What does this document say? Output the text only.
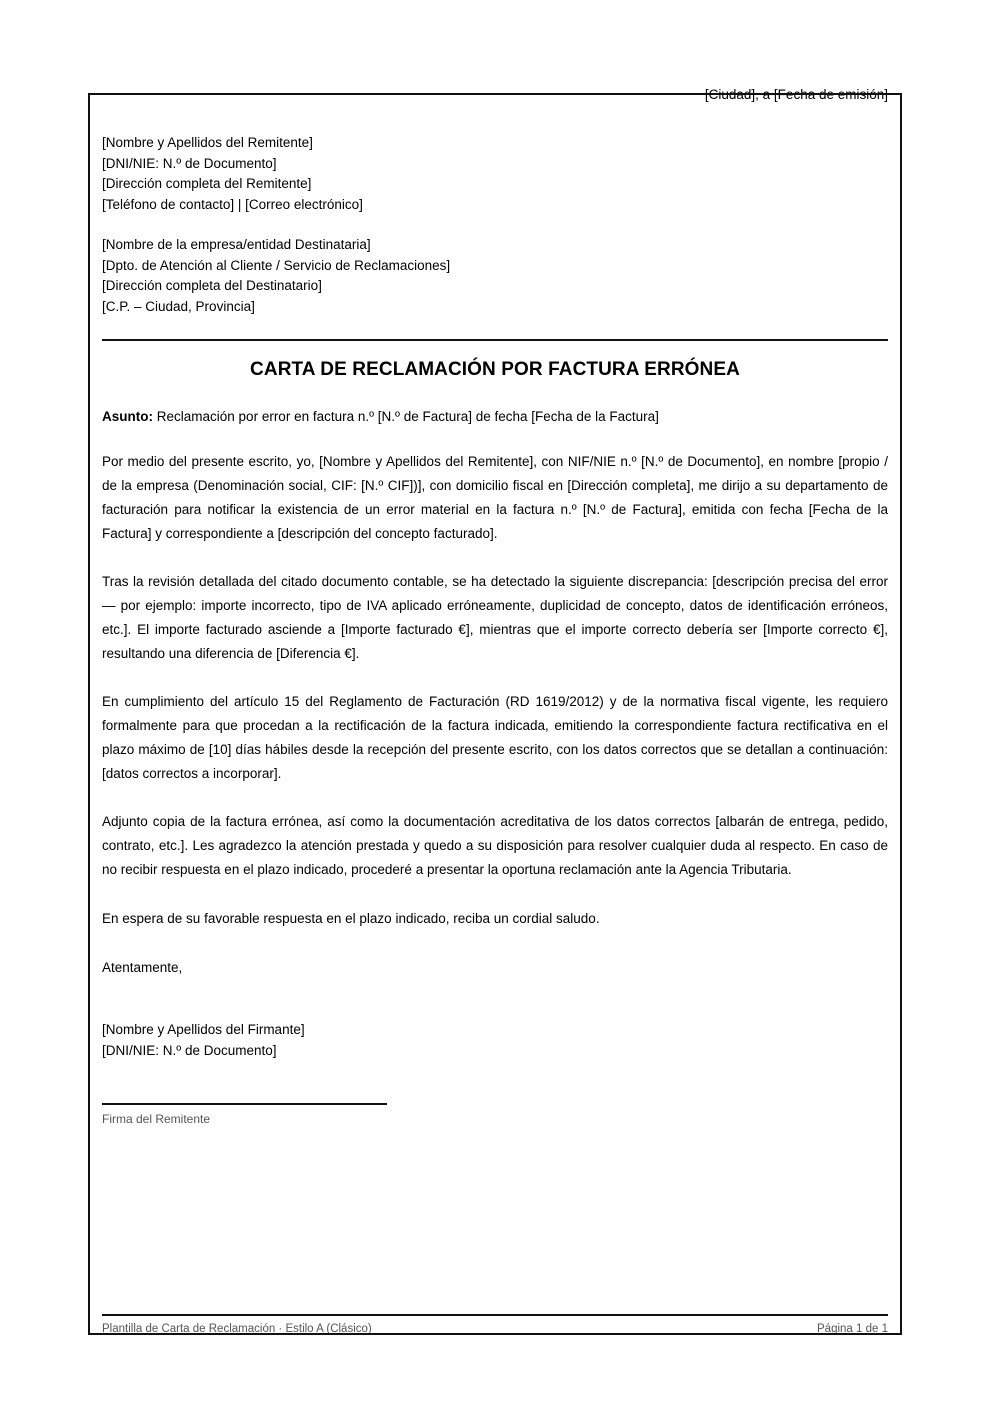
[Ciudad], a [Fecha de emisión]
[Nombre y Apellidos del Remitente]
[DNI/NIE: N.º de Documento]
[Dirección completa del Remitente]
[Teléfono de contacto] | [Correo electrónico]
[Nombre de la empresa/entidad Destinataria]
[Dpto. de Atención al Cliente / Servicio de Reclamaciones]
[Dirección completa del Destinatario]
[C.P. – Ciudad, Provincia]
CARTA DE RECLAMACIÓN POR FACTURA ERRÓNEA
Asunto: Reclamación por error en factura n.º [N.º de Factura] de fecha [Fecha de la Factura]

Por medio del presente escrito, yo, [Nombre y Apellidos del Remitente], con NIF/NIE n.º [N.º de Documento], en nombre [propio / de la empresa (Denominación social, CIF: [N.º CIF])], con domicilio fiscal en [Dirección completa], me dirijo a su departamento de facturación para notificar la existencia de un error material en la factura n.º [N.º de Factura], emitida con fecha [Fecha de la Factura] y correspondiente a [descripción del concepto facturado].

Tras la revisión detallada del citado documento contable, se ha detectado la siguiente discrepancia: [descripción precisa del error — por ejemplo: importe incorrecto, tipo de IVA aplicado erróneamente, duplicidad de concepto, datos de identificación erróneos, etc.]. El importe facturado asciende a [Importe facturado €], mientras que el importe correcto debería ser [Importe correcto €], resultando una diferencia de [Diferencia €].

En cumplimiento del artículo 15 del Reglamento de Facturación (RD 1619/2012) y de la normativa fiscal vigente, les requiero formalmente para que procedan a la rectificación de la factura indicada, emitiendo la correspondiente factura rectificativa en el plazo máximo de [10] días hábiles desde la recepción del presente escrito, con los datos correctos que se detallan a continuación: [datos correctos a incorporar].

Adjunto copia de la factura errónea, así como la documentación acreditativa de los datos correctos [albarán de entrega, pedido, contrato, etc.]. Les agradezco la atención prestada y quedo a su disposición para resolver cualquier duda al respecto. En caso de no recibir respuesta en el plazo indicado, procederé a presentar la oportuna reclamación ante la Agencia Tributaria.

En espera de su favorable respuesta en el plazo indicado, reciba un cordial saludo.

Atentamente,

[Nombre y Apellidos del Firmante]
[DNI/NIE: N.º de Documento]
Firma del Remitente
Plantilla de Carta de Reclamación · Estilo A (Clásico)	Página 1 de 1
